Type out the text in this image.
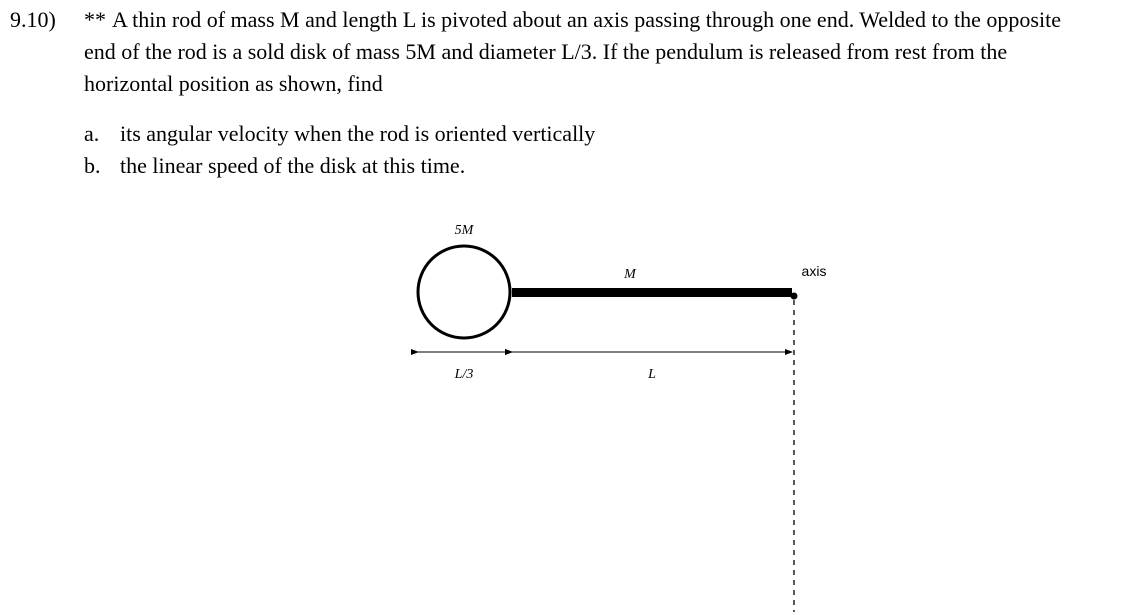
9.10) ** A thin rod of mass M and length L is pivoted about an axis passing through one end. Welded to the opposite end of the rod is a sold disk of mass 5M and diameter L/3. If the pendulum is released from rest from the horizontal position as shown, find
a. its angular velocity when the rod is oriented vertically
b. the linear speed of the disk at this time.
5M
M	axis
L/3	L
